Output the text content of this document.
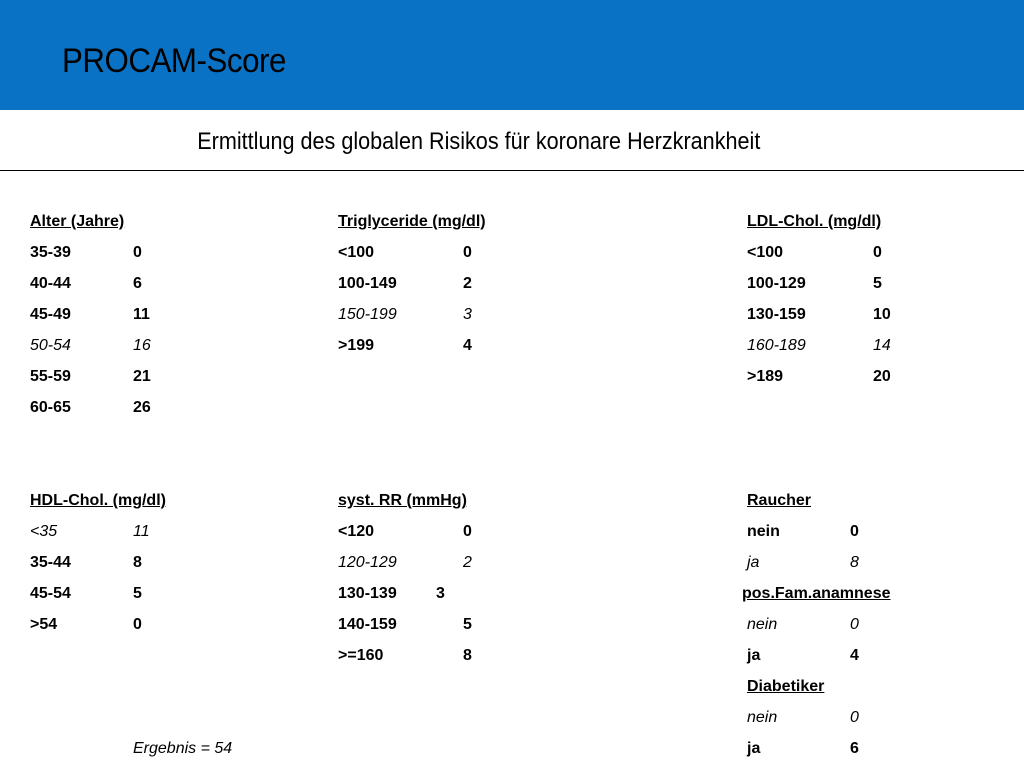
PROCAM-Score
Ermittlung des globalen Risikos für koronare Herzkrankheit
Alter (Jahre)
35-39	0
40-44	6
45-49	11
50-54	16
55-59	21
60-65	26
Triglyceride (mg/dl)
<100	0
100-149	2
150-199	3
>199	4
LDL-Chol. (mg/dl)
<100	0
100-129	5
130-159	10
160-189	14
>189	20
HDL-Chol. (mg/dl)
<35	11
35-44	8
45-54	5
>54	0
syst. RR (mmHg)
<120	0
120-129	2
130-139 3
140-159	5
>=160	8
Raucher
nein	0
ja	8
pos.Fam.anamnese
nein	0
ja	4
Diabetiker
nein	0
ja	6
Ergebnis = 54
